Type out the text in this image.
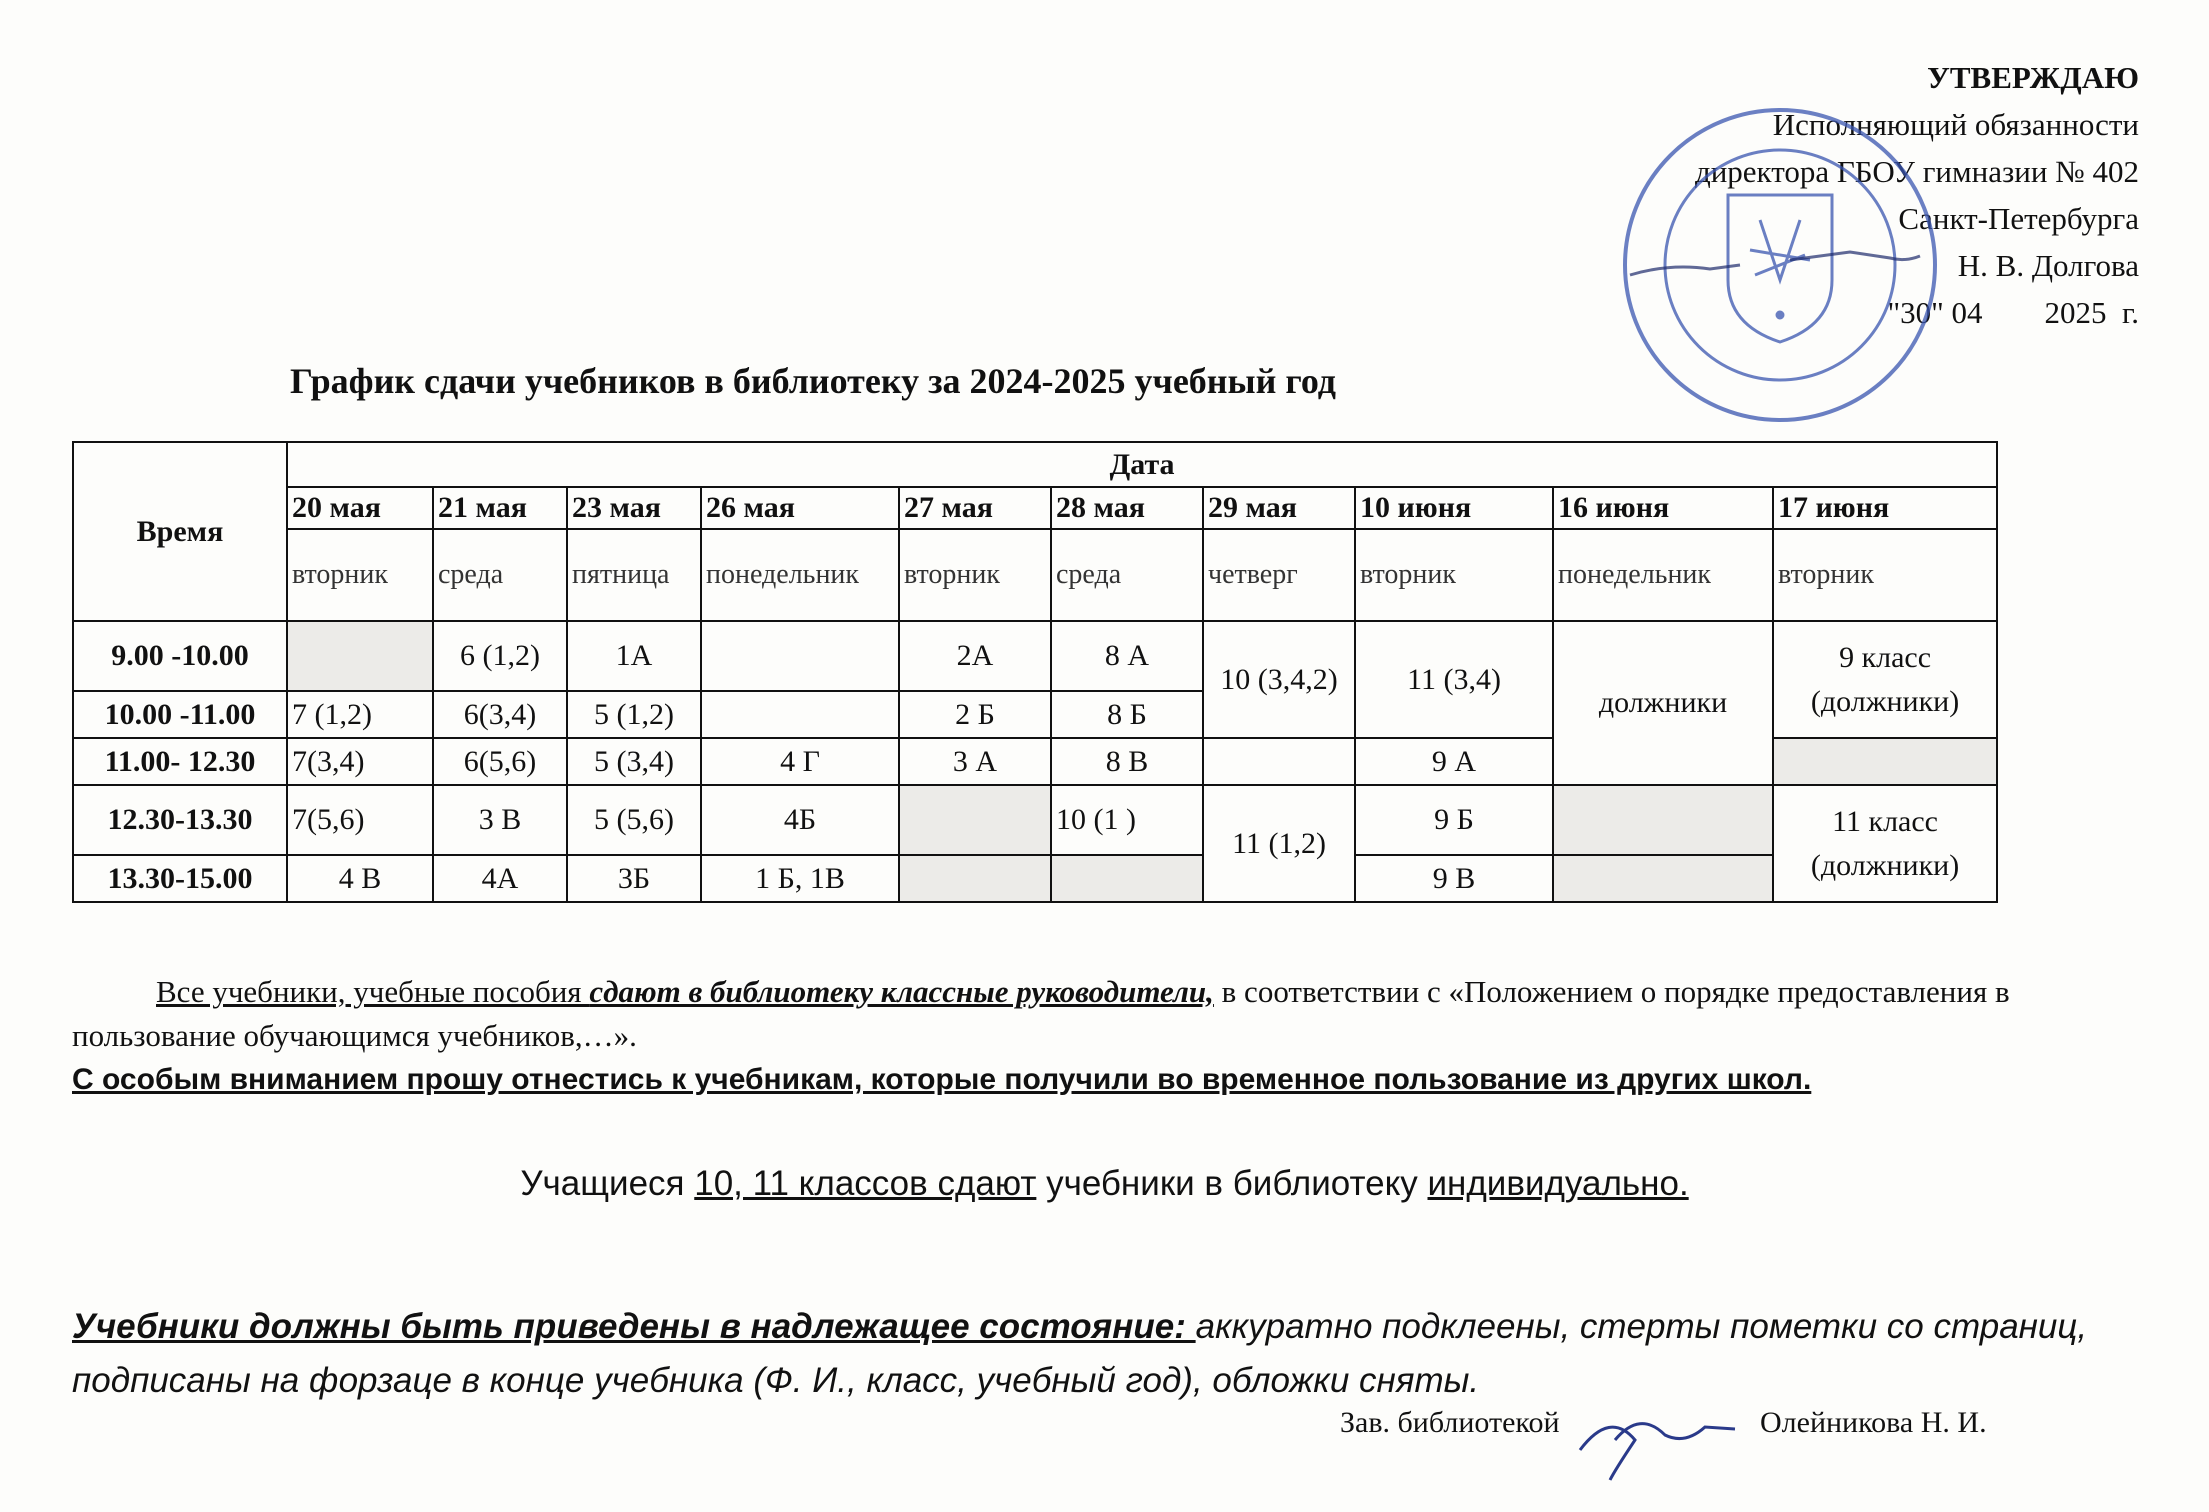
УТВЕРЖДАЮ
Исполняющий обязанности
директора ГБОУ гимназии № 402
Санкт-Петербурга
Н. В. Долгова
"30" 04        2025  г.
График сдачи учебников в библиотеку за 2024-2025 учебный год
Время	Дата									
	20 мая	21 мая	23 мая	26 мая	27 мая	28 мая	29 мая	10 июня	16 июня	17 июня
	вторник	среда	пятница	понедельник	вторник	среда	четверг	вторник	понедельник	вторник
9.00 -10.00		6 (1,2)	1А		2А	8 А	10 (3,4,2)	11 (3,4)	должники	9 класс (должники)
10.00 -11.00	7 (1,2)	6(3,4)	5 (1,2)		2 Б	8 Б				
11.00- 12.30	7(3,4)	6(5,6)	5 (3,4)	4 Г	3 А	8 В		9 А		
12.30-13.30	7(5,6)	3 В	5 (5,6)	4Б		10 (1 )	11 (1,2)	9 Б		11 класс (должники)
13.30-15.00	4 В	4А	3Б	1 Б, 1В				9 В		
Все учебники, учебные пособия сдают в библиотеку классные руководители, в соответствии с «Положением о порядке предоставления в пользование обучающимся учебников,…».
С особым вниманием прошу отнестись к учебникам, которые получили во временное пользование из других школ.
Учащиеся 10, 11 классов сдают учебники в библиотеку индивидуально.
Учебники должны быть приведены в надлежащее состояние: аккуратно подклеены, стерты пометки со страниц, подписаны на форзаце в конце учебника (Ф. И., класс, учебный год), обложки сняты.
Зав. библиотекой	Олейникова Н. И.
